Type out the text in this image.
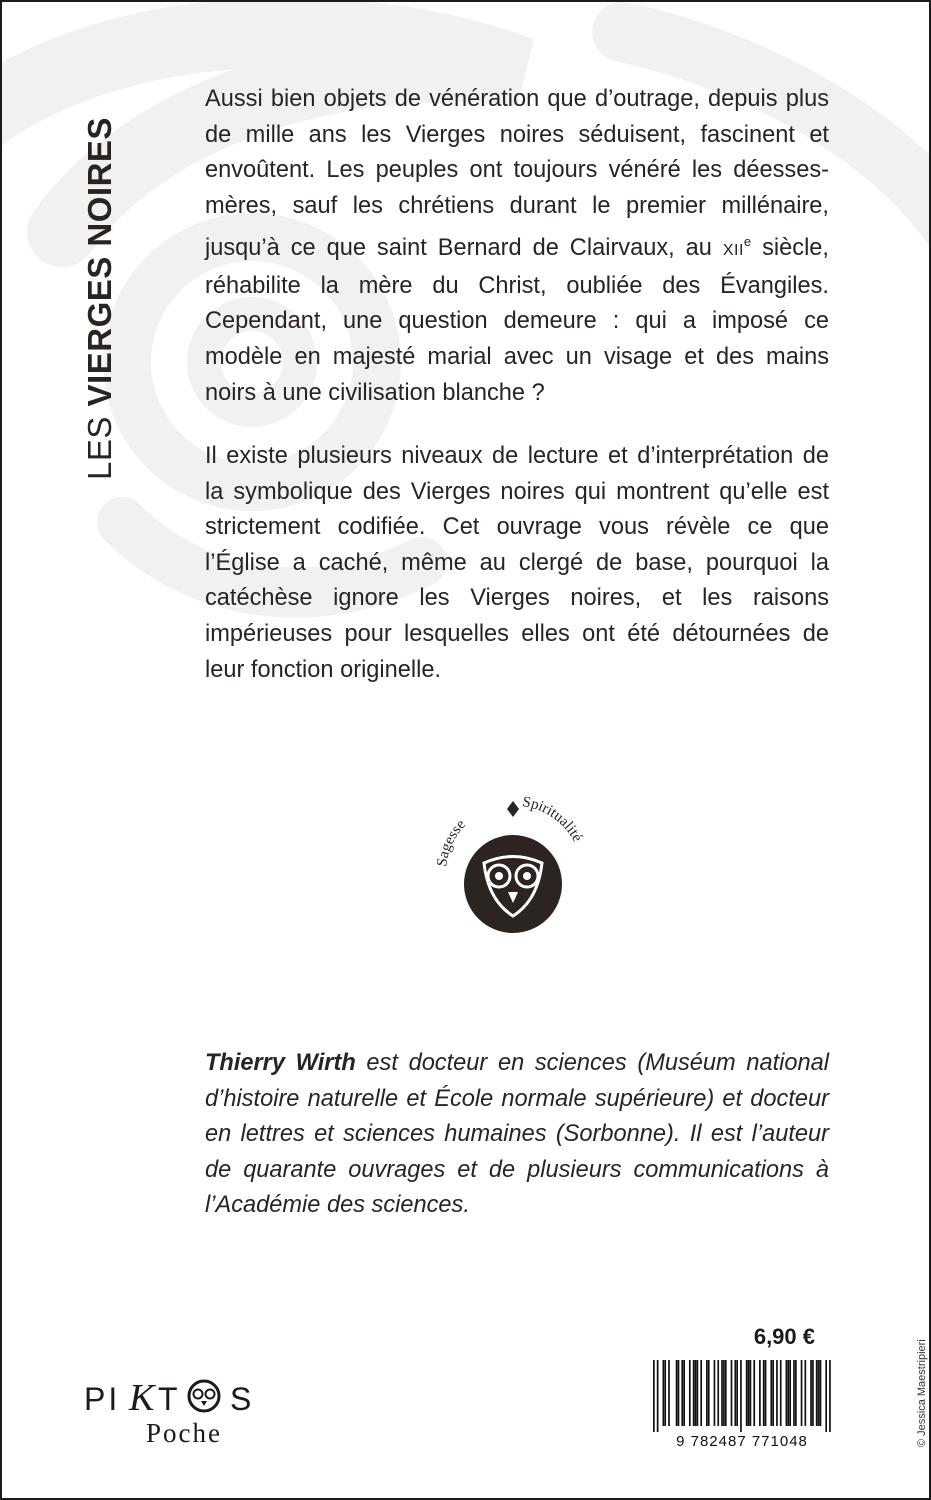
LES VIERGES NOIRES

Aussi bien objets de vénération que d’outrage, depuis plus de mille ans les Vierges noires séduisent, fascinent et envoûtent. Les peuples ont toujours vénéré les déesses-mères, sauf les chrétiens durant le premier millénaire, jusqu’à ce que saint Bernard de Clairvaux, au XIIe siècle, réhabilite la mère du Christ, oubliée des Évangiles. Cependant, une question demeure : qui a imposé ce modèle en majesté marial avec un visage et des mains noirs à une civilisation blanche ?

Il existe plusieurs niveaux de lecture et d’interprétation de la symbolique des Vierges noires qui montrent qu’elle est strictement codifiée. Cet ouvrage vous révèle ce que l’Église a caché, même au clergé de base, pourquoi la catéchèse ignore les Vierges noires, et les raisons impérieuses pour lesquelles elles ont été détournées de leur fonction originelle.

Sagesse
Spiritualité

Thierry Wirth est docteur en sciences (Muséum national d’histoire naturelle et École normale supérieure) et docteur en lettres et sciences humaines (Sorbonne). Il est l’auteur de quarante ouvrages et de plusieurs communications à l’Académie des sciences.

6,90 €
9 782487 771048
PI K T S
Poche	© Jessica Maestripieri
